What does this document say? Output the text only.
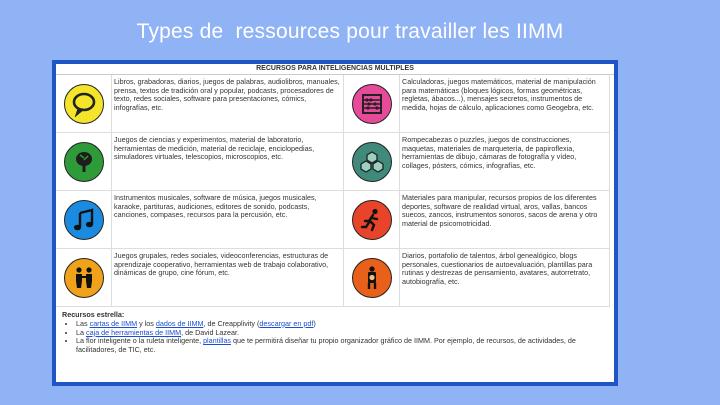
Types de  ressources pour travailler les IIMM
RECURSOS PARA INTELIGENCIAS MÚLTIPLES
Libros, grabadoras, diarios, juegos de palabras, audiolibros, manuales, prensa, textos de tradición oral y popular, podcasts, procesadores de texto, redes sociales, software para presentaciones, cómics, infografías, etc.
Calculadoras, juegos matemáticos, material de manipulación para matemáticas (bloques lógicos, formas geométricas, regletas, ábacos...), mensajes secretos, instrumentos de medida, hojas de cálculo, aplicaciones como Geogebra, etc.
Juegos de ciencias y experimentos, material de laboratorio, herramientas de medición, material de reciclaje, enciclopedias, simuladores virtuales, telescopios, microscopios, etc.
Rompecabezas o puzzles, juegos de construcciones, maquetas, materiales de marquetería, de papiroflexia, herramientas de dibujo, cámaras de fotografía y vídeo, collages, pósters, cómics, infografías, etc.
Instrumentos musicales, software de música, juegos musicales, karaoke, partituras, audiciones, editores de sonido, podcasts, canciones, compases, recursos para la percusión, etc.
Materiales para manipular, recursos propios de los diferentes deportes, software de realidad virtual, aros, vallas, bancos suecos, zancos, instrumentos sonoros, sacos de arena y otro material de psicomotricidad.
Juegos grupales, redes sociales, videoconferencias, estructuras de aprendizaje cooperativo, herramientas web de trabajo colaborativo, dinámicas de grupo, cine fórum, etc.
Diarios, portafolio de talentos, árbol genealógico, blogs personales, cuestionarios de autoevaluación, plantillas para rutinas y destrezas de pensamiento, avatares, autorretrato, autobiografía, etc.
Recursos estrella:
• Las cartas de IIMM y los dados de IIMM, de Creapplivity (descargar en pdf)
• La caja de herramientas de IIMM, de David Lazear.
• La flor inteligente o la ruleta inteligente, plantillas que te permitirá diseñar tu propio organizador gráfico de IIMM. Por ejemplo, de recursos, de actividades, de facilitadores, de TIC, etc.
